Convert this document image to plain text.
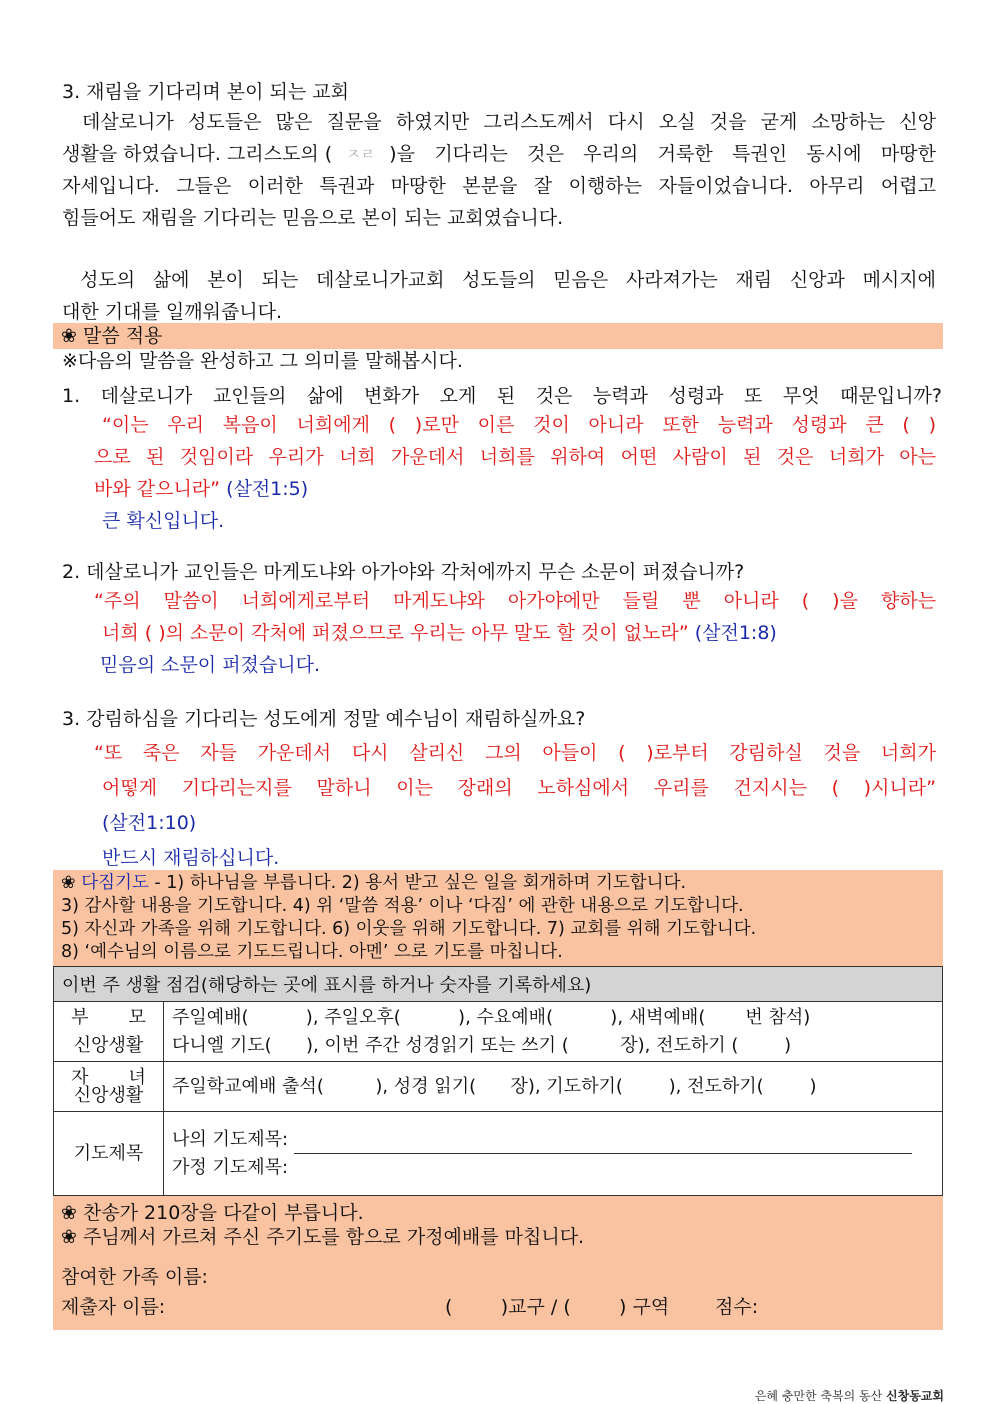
3. 재림을 기다리며 본이 되는 교회
데살로니가 성도들은 많은 질문을 하였지만 그리스도께서 다시 오실 것을 굳게 소망하는 신앙
생활을 하였습니다. 그리스도의 ( ㅈㄹ )을 기다리는 것은 우리의 거룩한 특권인 동시에 마땅한
자세입니다. 그들은 이러한 특권과 마땅한 본분을 잘 이행하는 자들이었습니다. 아무리 어렵고
힘들어도 재림을 기다리는 믿음으로 본이 되는 교회였습니다.
성도의 삶에 본이 되는 데살로니가교회 성도들의 믿음은 사라져가는 재림 신앙과 메시지에
대한 기대를 일깨워줍니다.
❀ 말씀 적용
※다음의 말씀을 완성하고 그 의미를 말해봅시다.
1. 데살로니가 교인들의 삶에 변화가 오게 된 것은 능력과 성령과 또 무엇 때문입니까?
“이는 우리 복음이 너희에게 ( )로만 이른 것이 아니라 또한 능력과 성령과 큰 ( )
으로 된 것임이라 우리가 너희 가운데서 너희를 위하여 어떤 사람이 된 것은 너희가 아는
바와 같으니라” (살전1:5)
큰 확신입니다.
2. 데살로니가 교인들은 마게도냐와 아가야와 각처에까지 무슨 소문이 퍼졌습니까?
“주의 말씀이 너희에게로부터 마게도냐와 아가야에만 들릴 뿐 아니라 ( )을 향하는
너희 ( )의 소문이 각처에 퍼졌으므로 우리는 아무 말도 할 것이 없노라” (살전1:8)
믿음의 소문이 퍼졌습니다.
3. 강림하심을 기다리는 성도에게 정말 예수님이 재림하실까요?
“또 죽은 자들 가운데서 다시 살리신 그의 아들이 ( )로부터 강림하실 것을 너희가
어떻게 기다리는지를 말하니 이는 장래의 노하심에서 우리를 건지시는 ( )시니라”
(살전1:10)
반드시 재림하십니다.
❀ 다짐기도 - 1) 하나님을 부릅니다. 2) 용서 받고 싶은 일을 회개하며 기도합니다.
3) 감사할 내용을 기도합니다. 4) 위 ‘말씀 적용’ 이나 ‘다짐’ 에 관한 내용으로 기도합니다.
5) 자신과 가족을 위해 기도합니다. 6) 이웃을 위해 기도합니다. 7) 교회를 위해 기도합니다.
8) ‘예수님의 이름으로 기도드립니다. 아멘’ 으로 기도를 마칩니다.
이번 주 생활 점검(해당하는 곳에 표시를 하거나 숫자를 기록하세요)	

부       모
신앙생활	주일예배(          ), 주일오후(          ), 수요예배(          ), 새벽예배(       번 참석)
다니엘 기도(      ), 이번 주간 성경읽기 또는 쓰기 (         장), 전도하기 (        )

자       녀
신앙생활	주일학교예배 출석(         ), 성경 읽기(      장), 기도하기(        ), 전도하기(        )

기도제목	나의 기도제목:
가정 기도제목:
❀ 찬송가 210장을 다같이 부릅니다.
❀ 주님께서 가르쳐 주신 주기도를 함으로 가정예배를 마칩니다.
참여한 가족 이름:
제출자 이름:	(        )교구 / (        ) 구역 점수:
은혜 충만한 축복의 동산 신창동교회
